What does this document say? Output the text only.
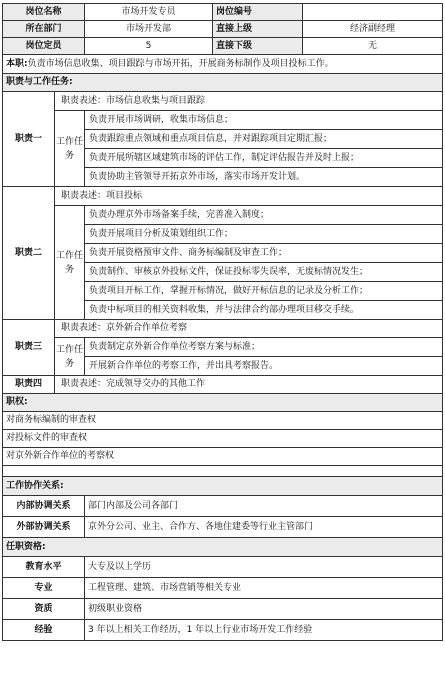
岗位名称		市场开发专员	岗位编号	
所在部门		市场开发部	直接上级	经济副经理
岗位定员		5	直接下级	无
本职:负责市场信息收集、项目跟踪与市场开拓，开展商务标制作及项目投标工作。				
职责与工作任务:				
职责一	职责表述：市场信息收集与项目跟踪			
	工作任务	负责开展市场调研，收集市场信息；		
		负责跟踪重点领域和重点项目信息，并对跟踪项目定期汇报；		
		负责开展所辖区域建筑市场的评估工作，制定评估报告并及时上报；		
		负责协助主管领导开拓京外市场，落实市场开发计划。		
职责二	职责表述：项目投标			
	工作任务	负责办理京外市场备案手续，完善准入制度；		
		负责开展项目分析及策划组织工作；		
		负责开展资格预审文件、商务标编制及审查工作；		
		负责制作、审核京外投标文件，保证投标零失误率，无废标情况发生；		
		负责项目开标工作，掌握开标情况，做好开标信息的记录及分析工作；		
		负责中标项目的相关资料收集，并与法律合约部办理项目移交手续。		
职责三	职责表述：京外新合作单位考察			
	工作任务	负责制定京外新合作单位考察方案与标准；		
		开展新合作单位的考察工作，并出具考察报告。		
职责四	职责表述：完成领导交办的其他工作			
职权:				
对商务标编制的审查权				
对投标文件的审查权				
对京外新合作单位的考察权				

工作协作关系:				
内部协调关系		部门内部及公司各部门		
外部协调关系		京外分公司、业主、合作方、各地住建委等行业主管部门		
任职资格:				
教育水平		大专及以上学历		
专业		工程管理、建筑、市场营销等相关专业		
资质		初级职业资格		
经验		3 年以上相关工作经历，1 年以上行业市场开发工作经验		
